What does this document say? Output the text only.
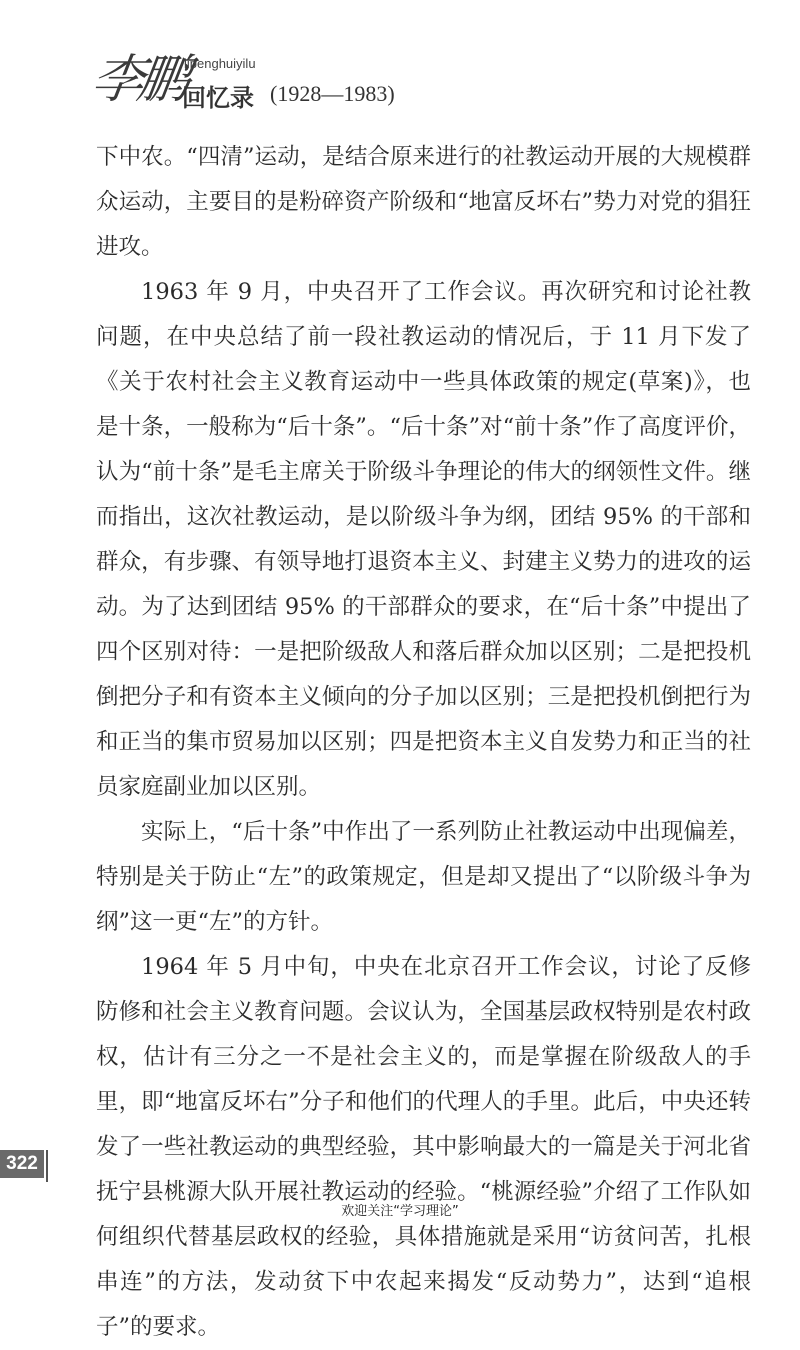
李鹏
lipenghuiyilu
回忆录 (1928—1983)

下中农。“四清”运动，是结合原来进行的社教运动开展的大规模群众运动，主要目的是粉碎资产阶级和“地富反坏右”势力对党的猖狂进攻。

1963 年 9 月，中央召开了工作会议。再次研究和讨论社教问题，在中央总结了前一段社教运动的情况后，于 11 月下发了《关于农村社会主义教育运动中一些具体政策的规定(草案)》，也是十条，一般称为“后十条”。“后十条”对“前十条”作了高度评价，认为“前十条”是毛主席关于阶级斗争理论的伟大的纲领性文件。继而指出，这次社教运动，是以阶级斗争为纲，团结 95% 的干部和群众，有步骤、有领导地打退资本主义、封建主义势力的进攻的运动。为了达到团结 95% 的干部群众的要求，在“后十条”中提出了四个区别对待：一是把阶级敌人和落后群众加以区别；二是把投机倒把分子和有资本主义倾向的分子加以区别；三是把投机倒把行为和正当的集市贸易加以区别；四是把资本主义自发势力和正当的社员家庭副业加以区别。

实际上，“后十条”中作出了一系列防止社教运动中出现偏差，特别是关于防止“左”的政策规定，但是却又提出了“以阶级斗争为纲”这一更“左”的方针。

1964 年 5 月中旬，中央在北京召开工作会议，讨论了反修防修和社会主义教育问题。会议认为，全国基层政权特别是农村政权，估计有三分之一不是社会主义的，而是掌握在阶级敌人的手里，即“地富反坏右”分子和他们的代理人的手里。此后，中央还转发了一些社教运动的典型经验，其中影响最大的一篇是关于河北省抚宁县桃源大队开展社教运动的经验。“桃源经验”介绍了工作队如何组织代替基层政权的经验，具体措施就是采用“访贫问苦，扎根串连”的方法，发动贫下中农起来揭发“反动势力”，达到“追根子”的要求。

322
欢迎关注“学习理论”
